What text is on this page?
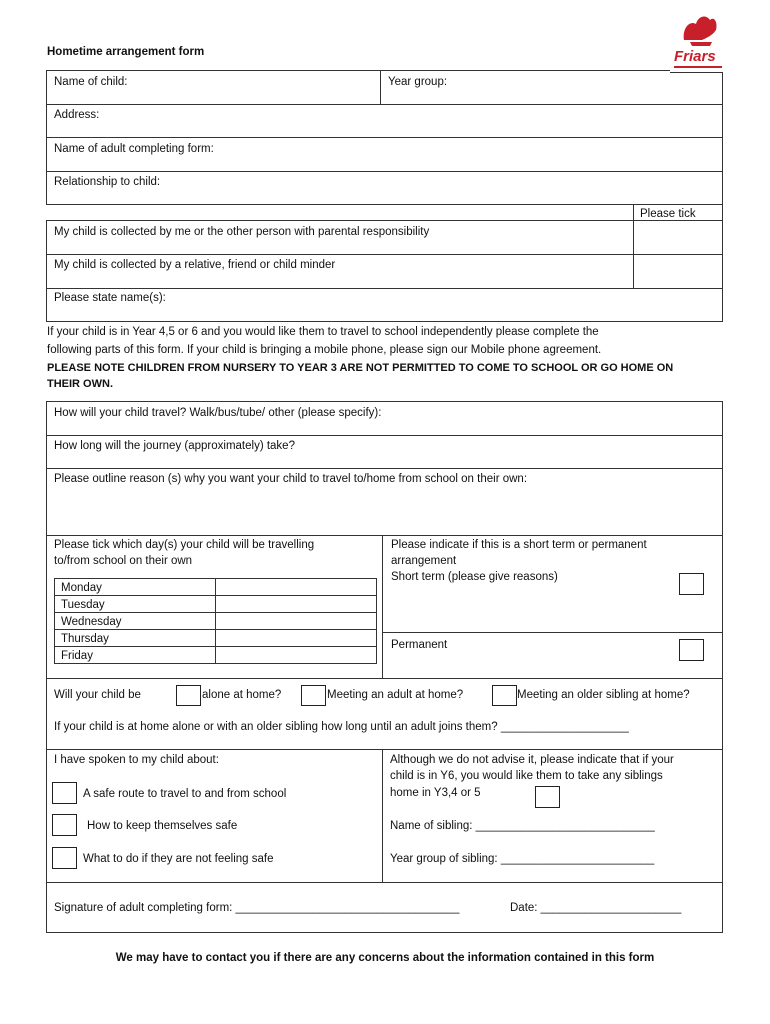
Friars
Hometime arrangement form
Name of child:	Year group:
Address:
Name of adult completing form:
Relationship to child:
Please tick
My child is collected by me or the other person with parental responsibility
My child is collected by a relative, friend or child minder
Please state name(s):
If your child is in Year 4,5 or 6 and you would like them to travel to school independently please complete the
following parts of this form. If your child is bringing a mobile phone, please sign our Mobile phone agreement.
PLEASE NOTE CHILDREN FROM NURSERY TO YEAR 3 ARE NOT PERMITTED TO COME TO SCHOOL OR GO HOME ON
THEIR OWN.
How will your child travel? Walk/bus/tube/ other (please specify):
How long will the journey (approximately) take?
Please outline reason (s) why you want your child to travel to/home from school on their own:
Please tick which day(s) your child will be travelling
to/from school on their own
Monday
Tuesday
Wednesday
Thursday
Friday
Please indicate if this is a short term or permanent
arrangement
Short term (please give reasons)
Permanent
Will your child be	alone at home?	Meeting an adult at home?	Meeting an older sibling at home?
If your child is at home alone or with an older sibling how long until an adult joins them? ____________________
I have spoken to my child about:
A safe route to travel to and from school
How to keep themselves safe
What to do if they are not feeling safe
Although we do not advise it, please indicate that if your
child is in Y6, you would like them to take any siblings
home in Y3,4 or 5
Name of sibling: ____________________________
Year group of sibling: ________________________
Signature of adult completing form: ___________________________________	Date: ______________________
We may have to contact you if there are any concerns about the information contained in this form
